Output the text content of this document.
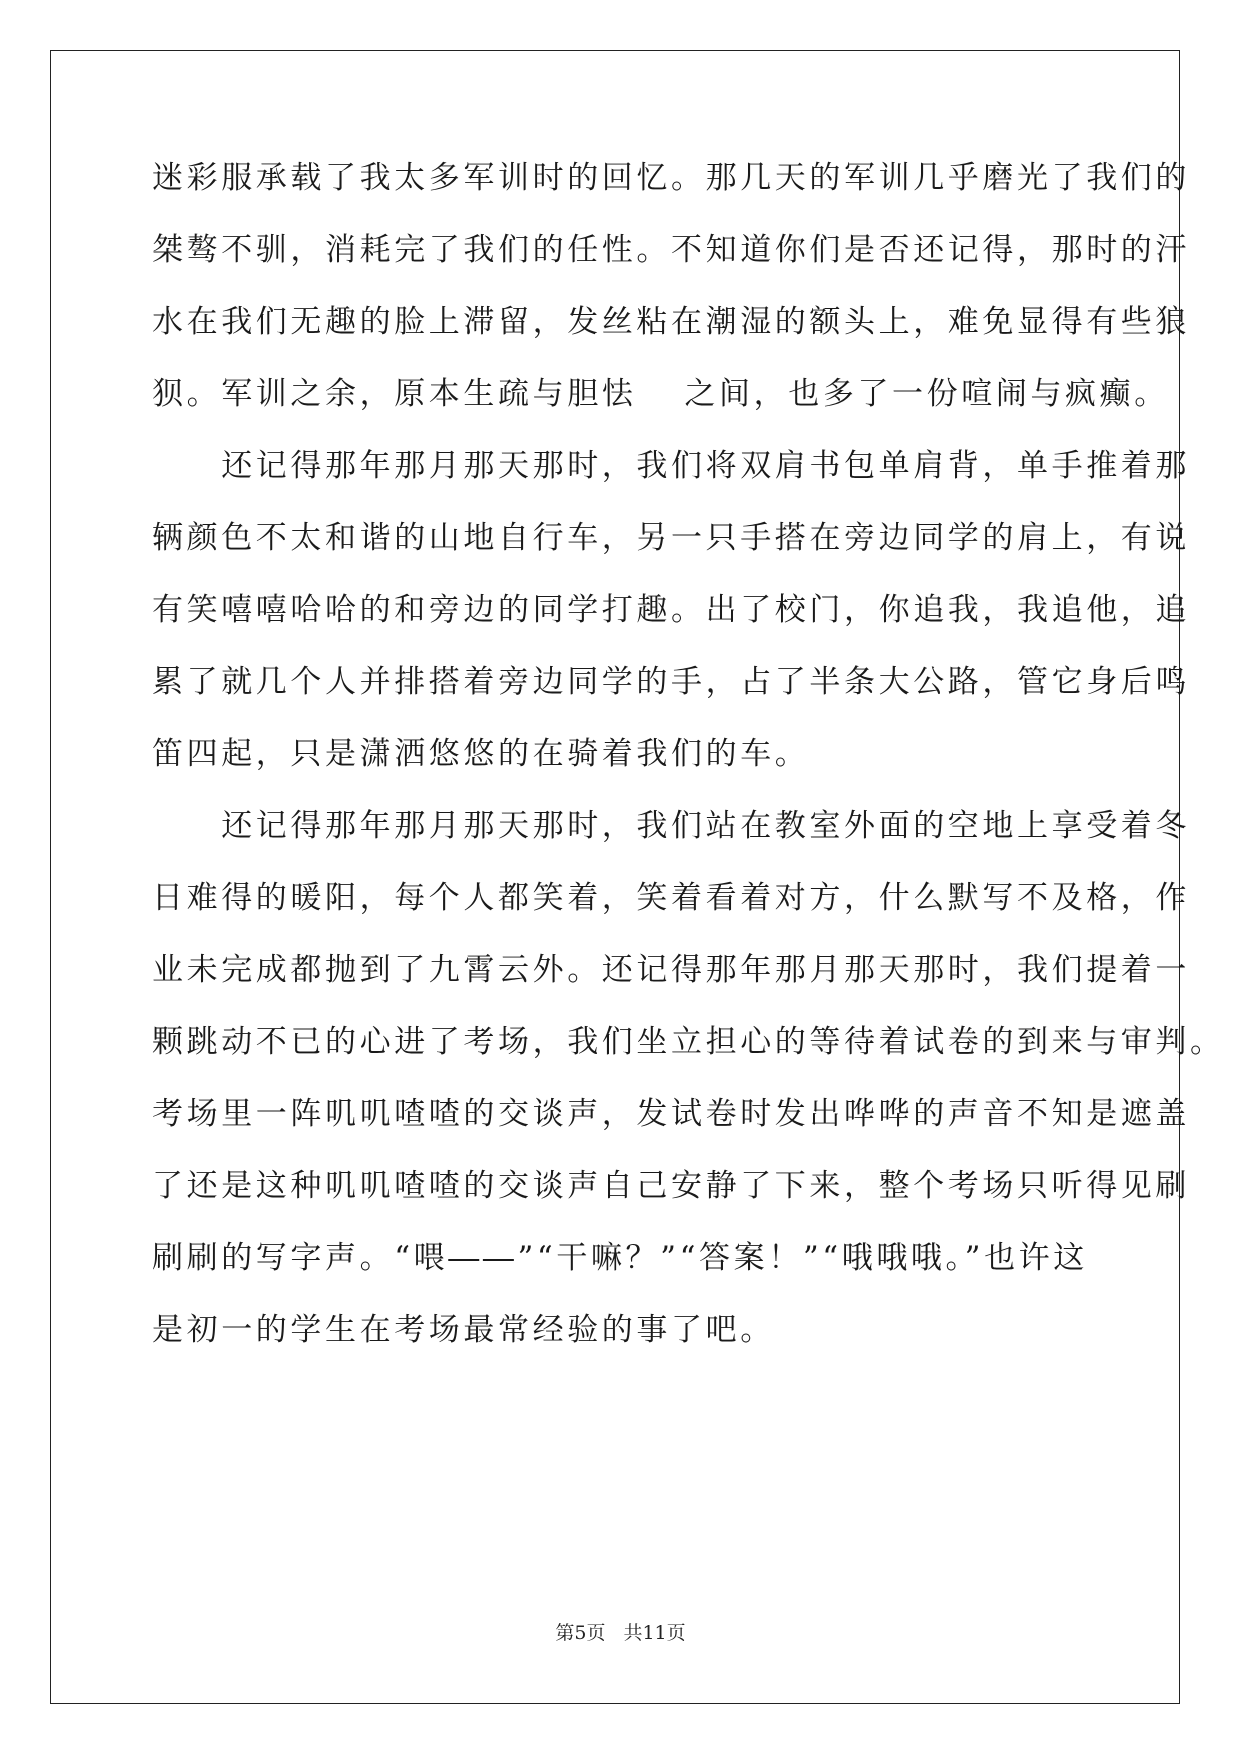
迷彩服承载了我太多军训时的回忆。那几天的军训几乎磨光了我们的
桀骜不驯，消耗完了我们的任性。不知道你们是否还记得，那时的汗
水在我们无趣的脸上滞留，发丝粘在潮湿的额头上，难免显得有些狼
狈。军训之余，原本生疏与胆怯 　之间，也多了一份喧闹与疯癫。
　　还记得那年那月那天那时，我们将双肩书包单肩背，单手推着那
辆颜色不太和谐的山地自行车，另一只手搭在旁边同学的肩上，有说
有笑嘻嘻哈哈的和旁边的同学打趣。出了校门，你追我，我追他，追
累了就几个人并排搭着旁边同学的手，占了半条大公路，管它身后鸣
笛四起，只是潇洒悠悠的在骑着我们的车。
　　还记得那年那月那天那时，我们站在教室外面的空地上享受着冬
日难得的暖阳，每个人都笑着，笑着看着对方，什么默写不及格，作
业未完成都抛到了九霄云外。还记得那年那月那天那时，我们提着一
颗跳动不已的心进了考场，我们坐立担心的等待着试卷的到来与审判。
考场里一阵叽叽喳喳的交谈声，发试卷时发出哗哗的声音不知是遮盖
了还是这种叽叽喳喳的交谈声自己安静了下来，整个考场只听得见刷
刷刷的写字声。“喂――”“干嘛？”“答案！”“哦哦哦。”也许这
是初一的学生在考场最常经验的事了吧。
第5页 共11页
